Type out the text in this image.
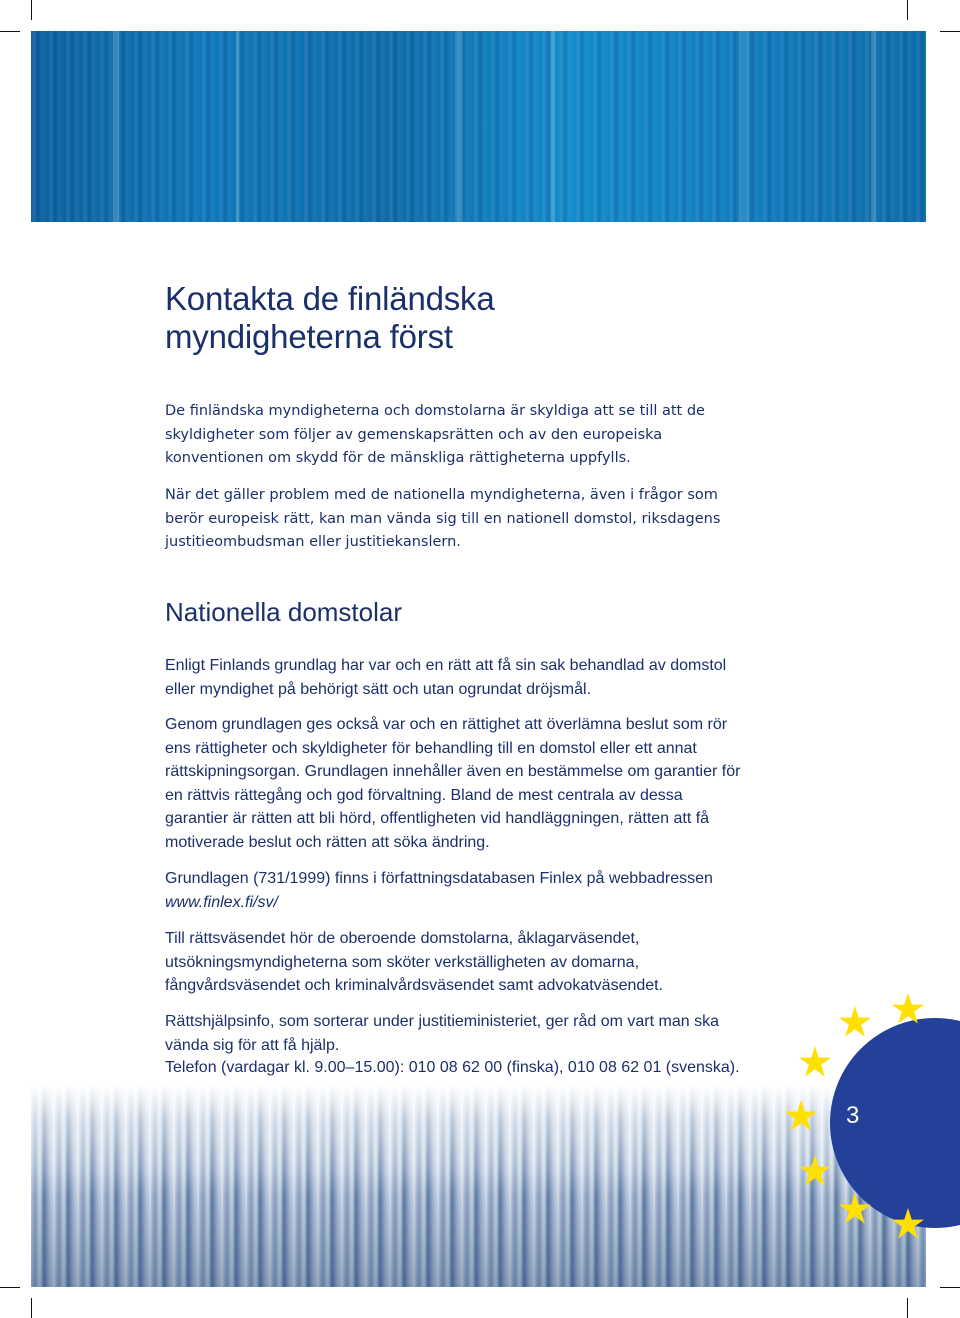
Kontakta de finländska
myndigheterna först

De finländska myndigheterna och domstolarna är skyldiga att se till att de skyldigheter som följer av gemenskapsrätten och av den europeiska konventionen om skydd för de mänskliga rättigheterna uppfylls.

När det gäller problem med de nationella myndigheterna, även i frågor som berör europeisk rätt, kan man vända sig till en nationell domstol, riksdagens justitieombudsman eller justitiekanslern.

Nationella domstolar

Enligt Finlands grundlag har var och en rätt att få sin sak behandlad av domstol eller myndighet på behörigt sätt och utan ogrundat dröjsmål.

Genom grundlagen ges också var och en rättighet att överlämna beslut som rör ens rättigheter och skyldigheter för behandling till en domstol eller ett annat rättskipningsorgan. Grundlagen innehåller även en bestämmelse om garantier för en rättvis rättegång och god förvaltning. Bland de mest centrala av dessa garantier är rätten att bli hörd, offentligheten vid handläggningen, rätten att få motiverade beslut och rätten att söka ändring.

Grundlagen (731/1999) finns i författningsdatabasen Finlex på webbadressen
www.finlex.fi/sv/

Till rättsväsendet hör de oberoende domstolarna, åklagarväsendet, utsökningsmyndigheterna som sköter verkställigheten av domarna, fångvårdsväsendet och kriminalvårdsväsendet samt advokatväsendet.

Rättshjälpsinfo, som sorterar under justitieministeriet, ger råd om vart man ska vända sig för att få hjälp.

Telefon (vardagar kl. 9.00–15.00): 010 08 62 00 (finska), 010 08 62 01 (svenska).

3
